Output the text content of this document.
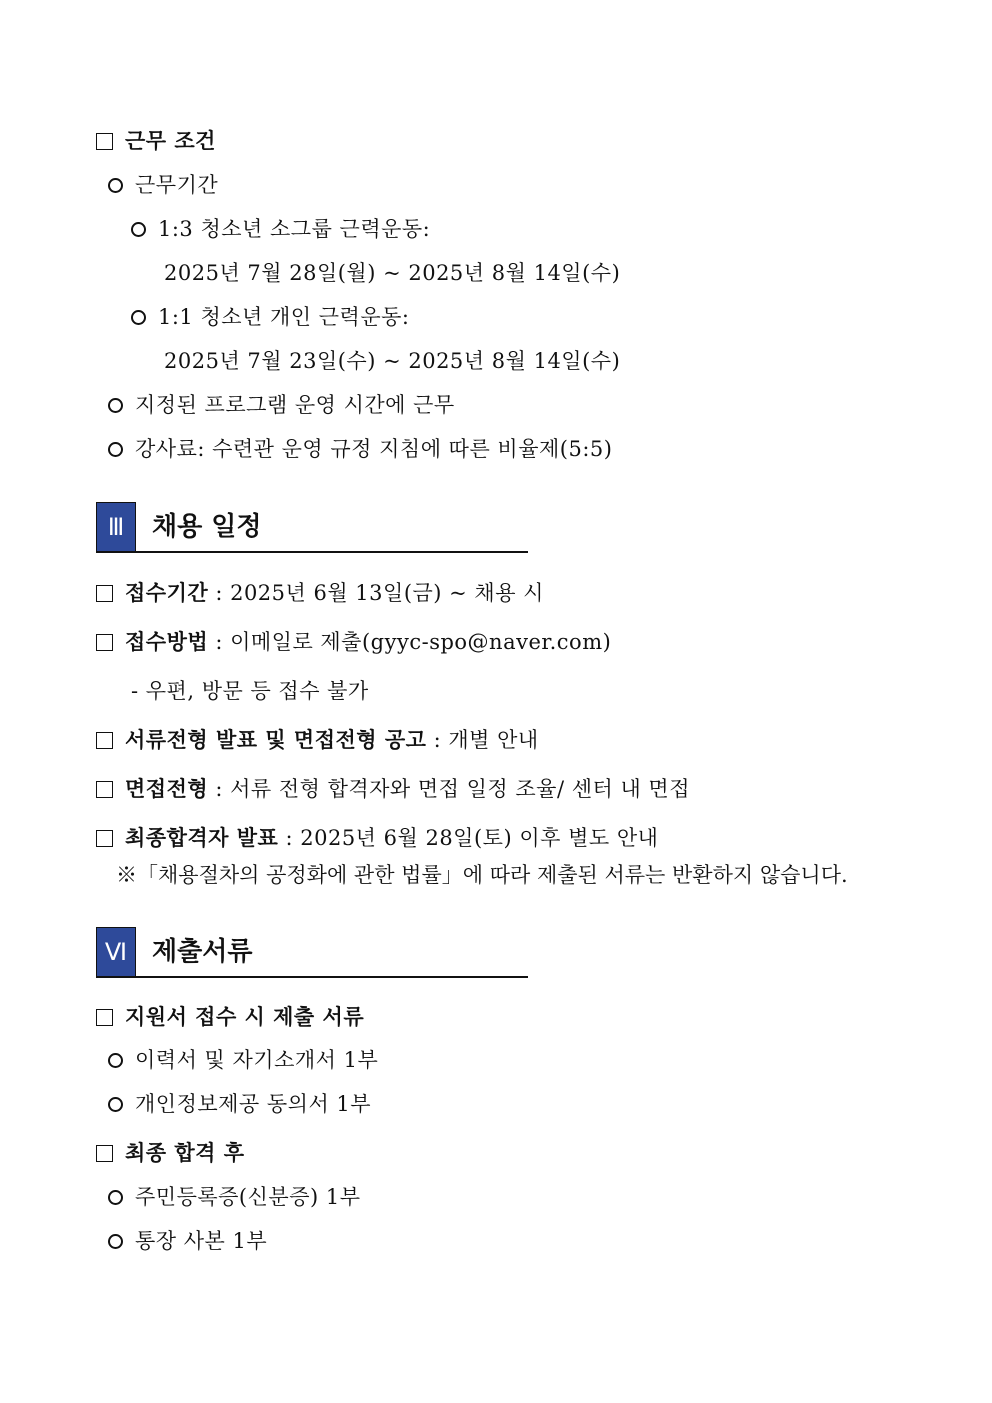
근무 조건
근무기간
1:3 청소년 소그룹 근력운동:
2025년 7월 28일(월) ~ 2025년 8월 14일(수)
1:1 청소년 개인 근력운동:
2025년 7월 23일(수) ~ 2025년 8월 14일(수)
지정된 프로그램 운영 시간에 근무
강사료: 수련관 운영 규정 지침에 따른 비율제(5:5)
Ⅲ	채용 일정
접수기간 : 2025년 6월 13일(금) ~ 채용 시
접수방법 : 이메일로 제출(gyyc-spo@naver.com)
- 우편, 방문 등 접수 불가
서류전형 발표 및 면접전형 공고 : 개별 안내
면접전형 : 서류 전형 합격자와 면접 일정 조율/ 센터 내 면접
최종합격자 발표 : 2025년 6월 28일(토) 이후 별도 안내
※「채용절차의 공정화에 관한 법률」에 따라 제출된 서류는 반환하지 않습니다.
Ⅵ 제출서류
지원서 접수 시 제출 서류
이력서 및 자기소개서 1부
개인정보제공 동의서 1부
최종 합격 후
주민등록증(신분증) 1부
통장 사본 1부
